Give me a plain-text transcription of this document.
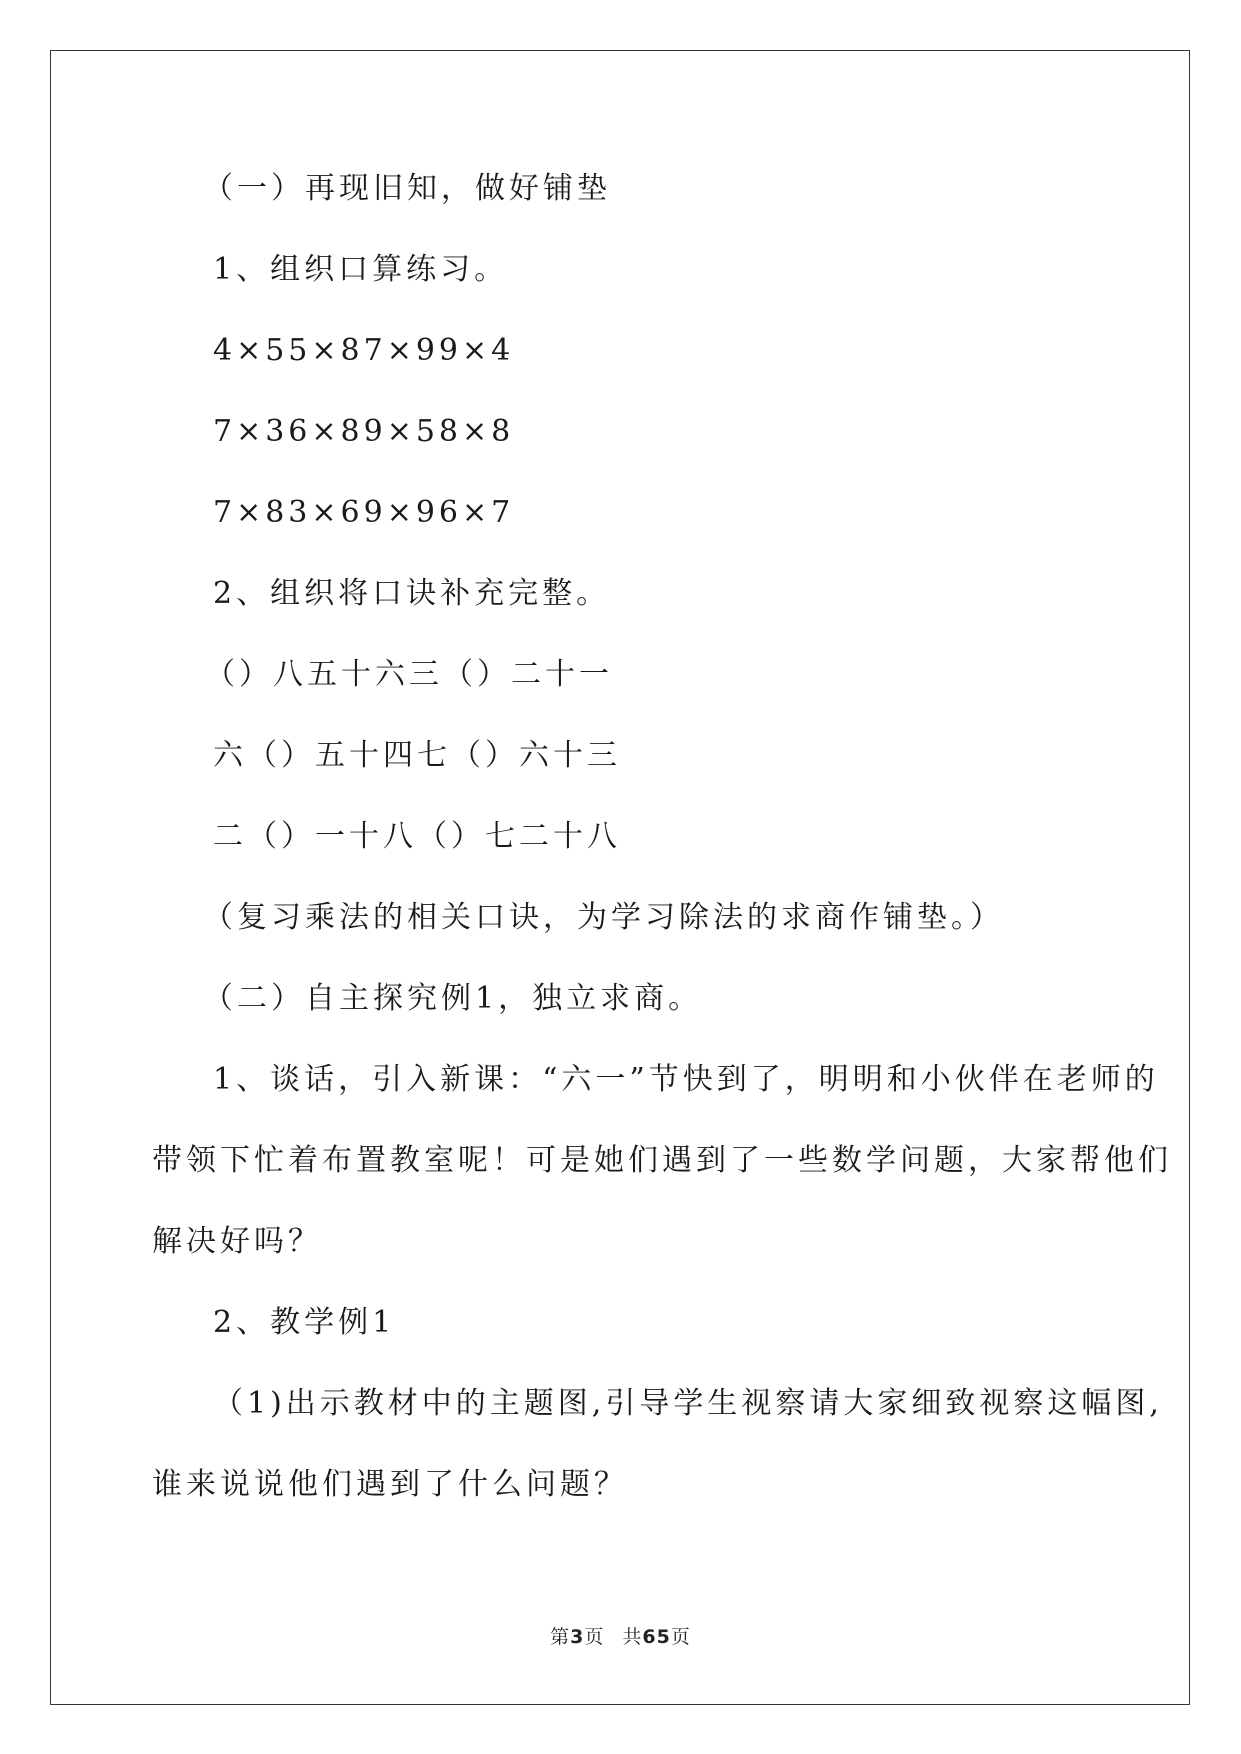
（一）再现旧知，做好铺垫
1、组织口算练习。
4×55×87×99×4
7×36×89×58×8
7×83×69×96×7
2、组织将口诀补充完整。
（）八五十六三（）二十一
六（）五十四七（）六十三
二（）一十八（）七二十八
（复习乘法的相关口诀，为学习除法的求商作铺垫。）
（二）自主探究例1，独立求商。
1、谈话，引入新课：“六一”节快到了，明明和小伙伴在老师的
带领下忙着布置教室呢！可是她们遇到了一些数学问题，大家帮他们
解决好吗？
2、教学例1
（1)出示教材中的主题图,引导学生视察请大家细致视察这幅图,
谁来说说他们遇到了什么问题？
第3页 共65页
